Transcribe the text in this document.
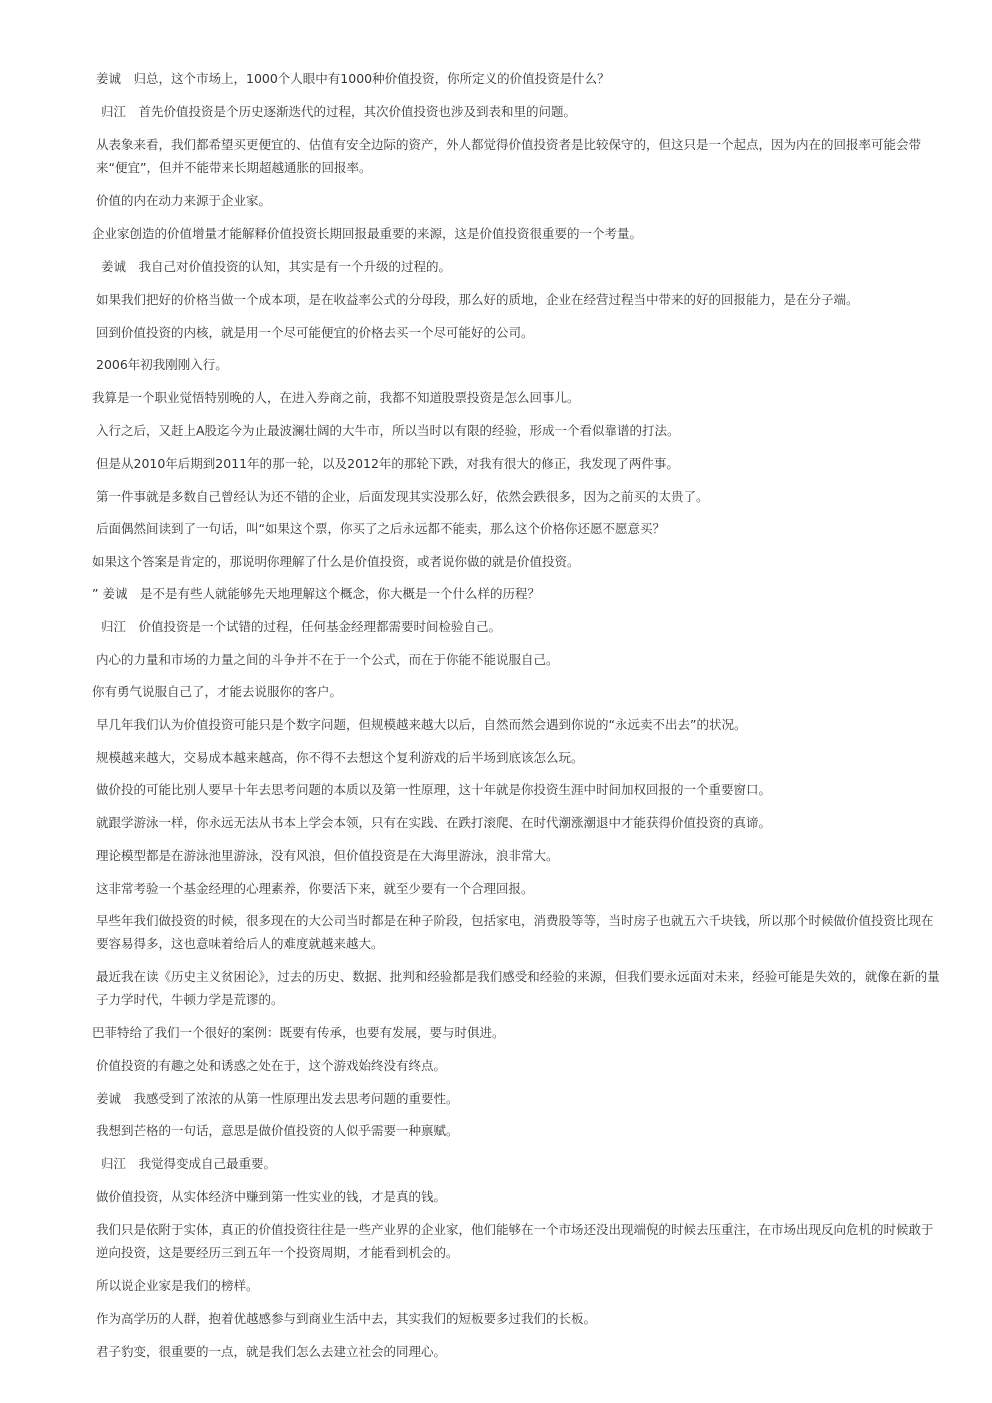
姜诚　归总，这个市场上，1000个人眼中有1000种价值投资，你所定义的价值投资是什么？

归江　首先价值投资是个历史逐渐迭代的过程，其次价值投资也涉及到表和里的问题。

从表象来看，我们都希望买更便宜的、估值有安全边际的资产，外人都觉得价值投资者是比较保守的，但这只是一个起点，因为内在的回报率可能会带来“便宜”，但并不能带来长期超越通胀的回报率。

价值的内在动力来源于企业家。

企业家创造的价值增量才能解释价值投资长期回报最重要的来源，这是价值投资很重要的一个考量。

姜诚　我自己对价值投资的认知，其实是有一个升级的过程的。

如果我们把好的价格当做一个成本项，是在收益率公式的分母段，那么好的质地，企业在经营过程当中带来的好的回报能力，是在分子端。

回到价值投资的内核，就是用一个尽可能便宜的价格去买一个尽可能好的公司。

2006年初我刚刚入行。

我算是一个职业觉悟特别晚的人，在进入券商之前，我都不知道股票投资是怎么回事儿。

入行之后，又赶上A股迄今为止最波澜壮阔的大牛市，所以当时以有限的经验，形成一个看似靠谱的打法。

但是从2010年后期到2011年的那一轮，以及2012年的那轮下跌，对我有很大的修正，我发现了两件事。

第一件事就是多数自己曾经认为还不错的企业，后面发现其实没那么好，依然会跌很多，因为之前买的太贵了。

后面偶然间读到了一句话，叫“如果这个票，你买了之后永远都不能卖，那么这个价格你还愿不愿意买？

如果这个答案是肯定的，那说明你理解了什么是价值投资，或者说你做的就是价值投资。

” 姜诚　是不是有些人就能够先天地理解这个概念，你大概是一个什么样的历程？

归江　价值投资是一个试错的过程，任何基金经理都需要时间检验自己。

内心的力量和市场的力量之间的斗争并不在于一个公式，而在于你能不能说服自己。

你有勇气说服自己了，才能去说服你的客户。

早几年我们认为价值投资可能只是个数字问题，但规模越来越大以后，自然而然会遇到你说的“永远卖不出去”的状况。

规模越来越大，交易成本越来越高，你不得不去想这个复利游戏的后半场到底该怎么玩。

做价投的可能比别人要早十年去思考问题的本质以及第一性原理，这十年就是你投资生涯中时间加权回报的一个重要窗口。

就跟学游泳一样，你永远无法从书本上学会本领，只有在实践、在跌打滚爬、在时代潮涨潮退中才能获得价值投资的真谛。

理论模型都是在游泳池里游泳，没有风浪，但价值投资是在大海里游泳，浪非常大。

这非常考验一个基金经理的心理素养，你要活下来，就至少要有一个合理回报。

早些年我们做投资的时候，很多现在的大公司当时都是在种子阶段，包括家电，消费股等等，当时房子也就五六千块钱，所以那个时候做价值投资比现在要容易得多，这也意味着给后人的难度就越来越大。

最近我在读《历史主义贫困论》，过去的历史、数据、批判和经验都是我们感受和经验的来源，但我们要永远面对未来，经验可能是失效的，就像在新的量子力学时代，牛顿力学是荒谬的。

巴菲特给了我们一个很好的案例：既要有传承，也要有发展，要与时俱进。

价值投资的有趣之处和诱惑之处在于，这个游戏始终没有终点。

姜诚　我感受到了浓浓的从第一性原理出发去思考问题的重要性。

我想到芒格的一句话，意思是做价值投资的人似乎需要一种禀赋。

归江　我觉得变成自己最重要。

做价值投资，从实体经济中赚到第一性实业的钱，才是真的钱。

我们只是依附于实体，真正的价值投资往往是一些产业界的企业家，他们能够在一个市场还没出现端倪的时候去压重注，在市场出现反向危机的时候敢于逆向投资，这是要经历三到五年一个投资周期，才能看到机会的。

所以说企业家是我们的榜样。

作为高学历的人群，抱着优越感参与到商业生活中去，其实我们的短板要多过我们的长板。

君子豹变，很重要的一点，就是我们怎么去建立社会的同理心。
